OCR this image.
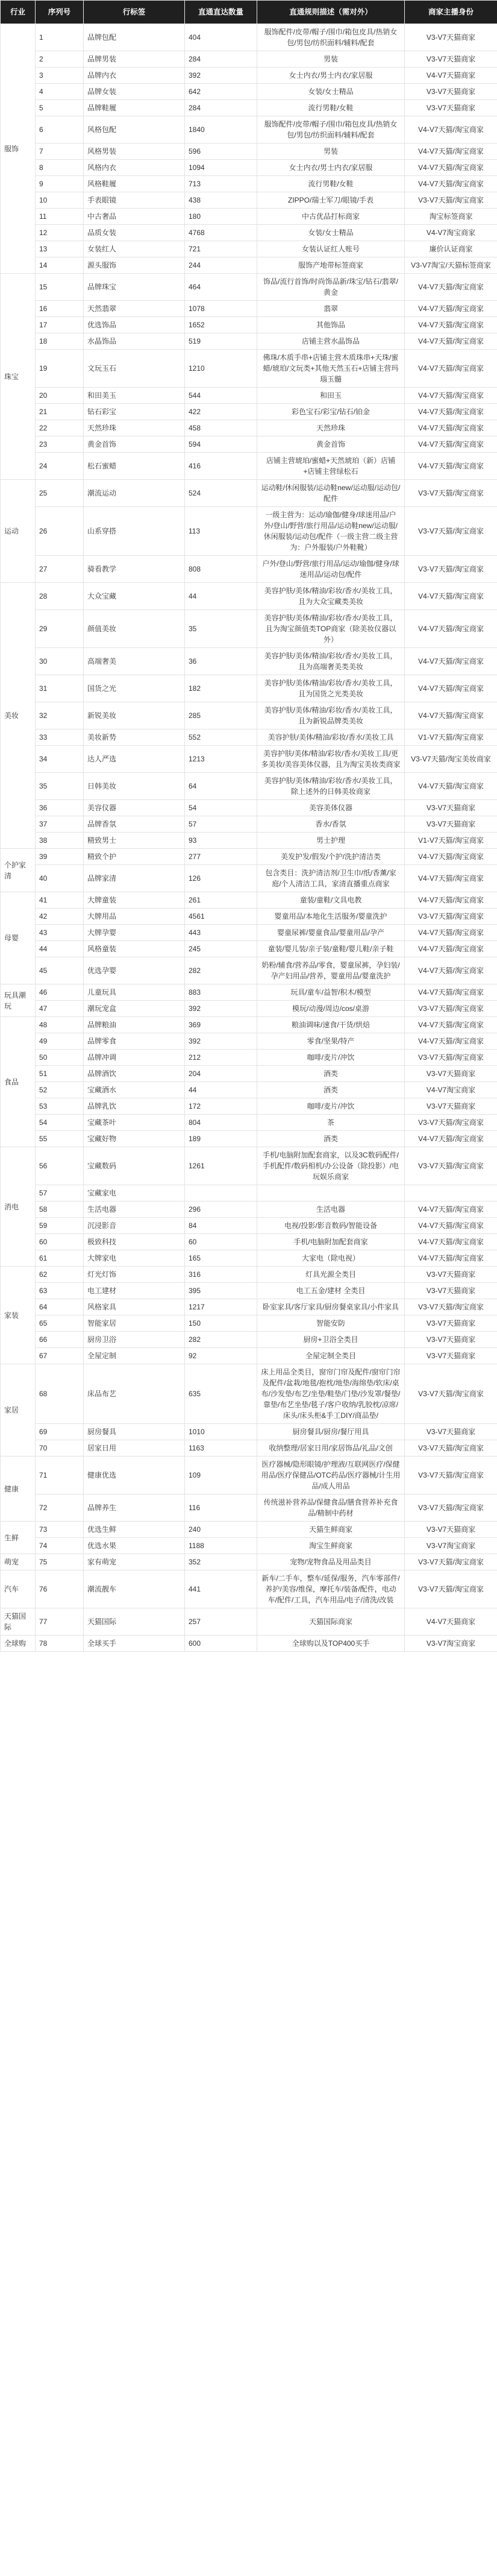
行业	序列号	行标签	直通直达数量	直通规则描述（需对外）	商家主播身份
服饰	1	品牌包配	404	服饰配件/皮带/帽子/围巾/箱包皮具/热销女包/男包/纺织面料/辅料/配套	V3-V7天猫商家
	2	品牌男装	284	男装	V3-V7天猫商家
	3	品牌内衣	392	女士内衣/男士内衣/家居服	V4-V7天猫商家
	4	品牌女装	642	女装/女士精品	V3-V7天猫商家
	5	品牌鞋履	284	流行男鞋/女鞋	V3-V7天猫商家
	6	风格包配	1840	服饰配件/皮带/帽子/围巾/箱包皮具/热销女包/男包/纺织面料/辅料/配套	V4-V7天猫/淘宝商家
	7	风格男装	596	男装	V4-V7天猫/淘宝商家
	8	风格内衣	1094	女士内衣/男士内衣/家居服	V4-V7天猫/淘宝商家
	9	风格鞋履	713	流行男鞋/女鞋	V4-V7天猫/淘宝商家
	10	手表眼镜	438	ZIPPO/瑞士军刀/眼镜/手表	V3-V7天猫/淘宝商家
	11	中古奢品	180	中古优品打标商家	淘宝标签商家
	12	品质女装	4768	女装/女士精品	V4-V7淘宝商家
	13	女装红人	721	女装认证红人账号	廉价认证商家
	14	源头服饰	244	服饰产地带标签商家	V3-V7淘宝/天猫标签商家
珠宝	15	品牌珠宝	464	饰品/流行首饰/时尚饰品新/珠宝/钻石/翡翠/黄金	V4-V7天猫/淘宝商家
	16	天然翡翠	1078	翡翠	V4-V7天猫/淘宝商家
	17	优选饰品	1652	其他饰品	V4-V7天猫/淘宝商家
	18	水晶饰品	519	店铺主营水晶饰品	V4-V7天猫/淘宝商家
	19	文玩玉石	1210	佛珠/木质手串+店铺主营木质珠串+天珠/蜜蜡/琥珀/文玩类+其他天然玉石+店铺主营玛瑙玉髓	V4-V7天猫/淘宝商家
	20	和田美玉	544	和田玉	V4-V7天猫/淘宝商家
	21	钻石彩宝	422	彩色宝石/彩宝/钻石/铂金	V4-V7天猫/淘宝商家
	22	天然珍珠	458	天然珍珠	V4-V7天猫/淘宝商家
	23	黄金首饰	594	黄金首饰	V4-V7天猫/淘宝商家
	24	松石蜜蜡	416	店铺主营琥珀/蜜蜡+天然琥珀（新）店铺+店铺主营绿松石	V4-V7天猫/淘宝商家
运动	25	潮流运动	524	运动鞋/休闲服装/运动鞋new/运动服/运动包/配件	V3-V7天猫/淘宝商家
	26	山系穿搭	113	一级主营为：运动/瑜伽/健身/球迷用品/户外/登山/野营/旅行用品/运动鞋new/运动服/休闲服装/运动包/配件（一级主营二级主营为：户外服装/户外鞋靴）	V3-V7天猫/淘宝商家
	27	骑看教学	808	户外/登山/野营/旅行用品/运动/瑜伽/健身/球迷用品/运动包/配件	V3-V7天猫/淘宝商家
美妆	28	大众宝藏	44	美容护肤/美体/精油/彩妆/香水/美妆工具，且为大众宝藏类美妆	V4-V7天猫/淘宝商家
	29	颜值美妆	35	美容护肤/美体/精油/彩妆/香水/美妆工具，且为淘宝颜值类TOP商家（除美妆仪器以外）	V4-V7天猫/淘宝商家
	30	高端奢美	36	美容护肤/美体/精油/彩妆/香水/美妆工具，且为高端奢美类美妆	V4-V7天猫/淘宝商家
	31	国货之光	182	美容护肤/美体/精油/彩妆/香水/美妆工具，且为国货之光类美妆	V4-V7天猫/淘宝商家
	32	新锐美妆	285	美容护肤/美体/精油/彩妆/香水/美妆工具，且为新锐品牌类美妆	V4-V7天猫/淘宝商家
	33	美妆新势	552	美容护肤/美体/精油/彩妆/香水/美妆工具	V1-V7天猫/淘宝商家
	34	达人严选	1213	美容护肤/美体/精油/彩妆/香水/美妆工具/更多美妆/美容美体仪器，且为淘宝美妆类商家	V3-V7天猫/淘宝美妆商家
	35	日韩美妆	64	美容护肤/美体/精油/彩妆/香水/美妆工具，除上述外的日韩美妆商家	V4-V7天猫/淘宝商家
	36	美容仪器	54	美容美体仪器	V3-V7天猫商家
	37	品牌香氛	57	香水/香氛	V3-V7天猫商家
	38	精致男士	93	男士护理	V1-V7天猫/淘宝商家
个护家清	39	精致个护	277	美发护发/假发/个护/洗护清洁类	V4-V7天猫/淘宝商家
	40	品牌家清	126	包含类目：洗护清洁剂/卫生巾/纸/香薰/家庭/个人清洁工具，家清直播重点商家	V4-V7天猫/淘宝商家
母婴	41	大牌童装	261	童装/童鞋/文具电教	V4-V7天猫/淘宝商家
	42	大牌用品	4561	婴童用品/本地化生活服务/婴童洗护	V3-V7天猫/淘宝商家
	43	大牌孕婴	443	婴童尿裤/婴童食品/婴童用品/孕产	V4-V7天猫/淘宝商家
	44	风格童装	245	童装/婴儿装/亲子装/童鞋/婴儿鞋/亲子鞋	V4-V7天猫/淘宝商家
	45	优选孕婴	282	奶粉/辅食/营养品/零食，婴童尿裤，孕妇装/孕产妇用品/营养，婴童用品/婴童洗护	V4-V7天猫/淘宝商家
玩具潮玩	46	儿童玩具	883	玩具/童车/益智/积木/模型	V4-V7天猫/淘宝商家
	47	潮玩宠盒	392	模玩/动漫/周边/cos/桌游	V3-V7天猫/淘宝商家
食品	48	品牌粮油	369	粮油调味/速食/干货/烘焙	V4-V7天猫/淘宝商家
	49	品牌零食	392	零食/坚果/特产	V4-V7天猫/淘宝商家
	50	品牌冲调	212	咖啡/麦片/冲饮	V3-V7天猫/淘宝商家
	51	品牌酒饮	204	酒类	V3-V7天猫商家
	52	宝藏酒水	44	酒类	V4-V7淘宝商家
	53	品牌乳饮	172	咖啡/麦片/冲饮	V3-V7天猫商家
	54	宝藏茶叶	804	茶	V3-V7天猫/淘宝商家
	55	宝藏好物	189	酒类	V4-V7天猫/淘宝商家
消电	56	宝藏数码	1261	手机/电脑附加配套商家，以及3C数码配件/手机配件/数码相机/办公设备（除投影）/电玩娱乐商家	V3-V7天猫/淘宝商家
	57	宝藏家电			
	58	生活电器	296	生活电器	V4-V7天猫/淘宝商家
	59	沉浸影音	84	电视/投影/影音数码/智能设备	V4-V7天猫/淘宝商家
	60	极致科技	60	手机/电脑附加配套商家	V4-V7天猫/淘宝商家
	61	大牌家电	165	大家电（除电视）	V4-V7天猫/淘宝商家
家装	62	灯光灯饰	316	灯具光源全类目	V3-V7天猫商家
	63	电工建材	395	电工五金/建材 全类目	V3-V7天猫商家
	64	风格家具	1217	卧室家具/客厅家具/厨房餐桌家具/小件家具	V3-V7天猫/淘宝商家
	65	智能家居	150	智能安防	V3-V7天猫商家
	66	厨房卫浴	282	厨房+卫浴全类目	V3-V7天猫商家
	67	全屋定制	92	全屋定制全类目	V3-V7天猫商家
家居	68	床品布艺	635	床上用品全类目，窗帘门帘及配件/窗帘门帘及配件/盆栽/地毯/抱枕/地垫/海绵垫/软床/桌布/沙发垫/布艺/坐垫/鞋垫/门垫/沙发罩/餐垫/靠垫/布艺坐垫/毯子/客户收纳/乳胶枕/凉席/床头/床头柜&手工DIY/商品垫/	V3-V7天猫/淘宝商家
	69	厨房餐具	1010	厨房餐具/厨房/餐厅用具	V3-V7天猫商家
	70	居家日用	1163	收纳整理/居家日用/家居饰品/礼品/文创	V3-V7天猫/淘宝商家
健康	71	健康优选	109	医疗器械/隐形眼镜/护理液/互联网医疗/保健用品/医疗保健品/OTC药品/医疗器械/计生用品/成人用品	V3-V7天猫/淘宝商家
	72	品牌养生	116	传统滋补营养品/保健食品/膳食营养补充食品/精制中药材	V3-V7天猫/淘宝商家
生鲜	73	优选生鲜	240	天猫生鲜商家	V3-V7天猫商家
	74	优选水果	1188	淘宝生鲜商家	V3-V7淘宝商家
萌宠	75	家有萌宠	352	宠物/宠物食品及用品类目	V3-V7天猫/淘宝商家
汽车	76	潮流靓车	441	新车/二手车，整车/延保/服务，汽车零部件/养护/美容/维保，摩托车/装备/配件，电动车/配件/工具，汽车用品/电子/清洗/改装	V3-V7天猫/淘宝商家
天猫国际	77	天猫国际	257	天猫国际商家	V4-V7天猫商家
全球购	78	全球买手	600	全球购以及TOP400买手	V3-V7淘宝商家
